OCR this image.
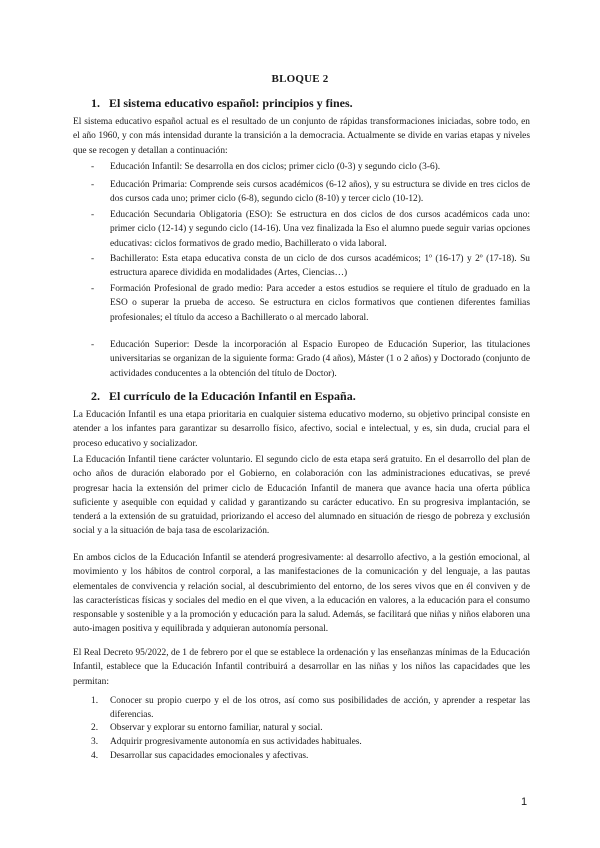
BLOQUE 2
1. El sistema educativo español: principios y fines.
El sistema educativo español actual es el resultado de un conjunto de rápidas transformaciones iniciadas, sobre todo, en el año 1960, y con más intensidad durante la transición a la democracia. Actualmente se divide en varias etapas y niveles que se recogen y detallan a continuación:
- Educación Infantil: Se desarrolla en dos ciclos; primer ciclo (0-3) y segundo ciclo (3-6).
- Educación Primaria: Comprende seis cursos académicos (6-12 años), y su estructura se divide en tres ciclos de dos cursos cada uno; primer ciclo (6-8), segundo ciclo (8-10) y tercer ciclo (10-12).
- Educación Secundaria Obligatoria (ESO): Se estructura en dos ciclos de dos cursos académicos cada uno: primer ciclo (12-14) y segundo ciclo (14-16). Una vez finalizada la Eso el alumno puede seguir varias opciones educativas: ciclos formativos de grado medio, Bachillerato o vida laboral.
- Bachillerato: Esta etapa educativa consta de un ciclo de dos cursos académicos; 1º (16-17) y 2º (17-18). Su estructura aparece dividida en modalidades (Artes, Ciencias…)
- Formación Profesional de grado medio: Para acceder a estos estudios se requiere el título de graduado en la ESO o superar la prueba de acceso. Se estructura en ciclos formativos que contienen diferentes familias profesionales; el título da acceso a Bachillerato o al mercado laboral.
- Educación Superior: Desde la incorporación al Espacio Europeo de Educación Superior, las titulaciones universitarias se organizan de la siguiente forma: Grado (4 años), Máster (1 o 2 años) y Doctorado (conjunto de actividades conducentes a la obtención del título de Doctor).
2. El currículo de la Educación Infantil en España.
La Educación Infantil es una etapa prioritaria en cualquier sistema educativo moderno, su objetivo principal consiste en atender a los infantes para garantizar su desarrollo físico, afectivo, social e intelectual, y es, sin duda, crucial para el proceso educativo y socializador.
La Educación Infantil tiene carácter voluntario. El segundo ciclo de esta etapa será gratuito. En el desarrollo del plan de ocho años de duración elaborado por el Gobierno, en colaboración con las administraciones educativas, se prevé progresar hacia la extensión del primer ciclo de Educación Infantil de manera que avance hacia una oferta pública suficiente y asequible con equidad y calidad y garantizando su carácter educativo. En su progresiva implantación, se tenderá a la extensión de su gratuidad, priorizando el acceso del alumnado en situación de riesgo de pobreza y exclusión social y a la situación de baja tasa de escolarización.
En ambos ciclos de la Educación Infantil se atenderá progresivamente: al desarrollo afectivo, a la gestión emocional, al movimiento y los hábitos de control corporal, a las manifestaciones de la comunicación y del lenguaje, a las pautas elementales de convivencia y relación social, al descubrimiento del entorno, de los seres vivos que en él conviven y de las características físicas y sociales del medio en el que viven, a la educación en valores, a la educación para el consumo responsable y sostenible y a la promoción y educación para la salud. Además, se facilitará que niñas y niños elaboren una auto-imagen positiva y equilibrada y adquieran autonomía personal.
El Real Decreto 95/2022, de 1 de febrero por el que se establece la ordenación y las enseñanzas mínimas de la Educación Infantil, establece que la Educación Infantil contribuirá a desarrollar en las niñas y los niños las capacidades que les permitan:
1. Conocer su propio cuerpo y el de los otros, así como sus posibilidades de acción, y aprender a respetar las diferencias.
2. Observar y explorar su entorno familiar, natural y social.
3. Adquirir progresivamente autonomía en sus actividades habituales.
4. Desarrollar sus capacidades emocionales y afectivas.
1
